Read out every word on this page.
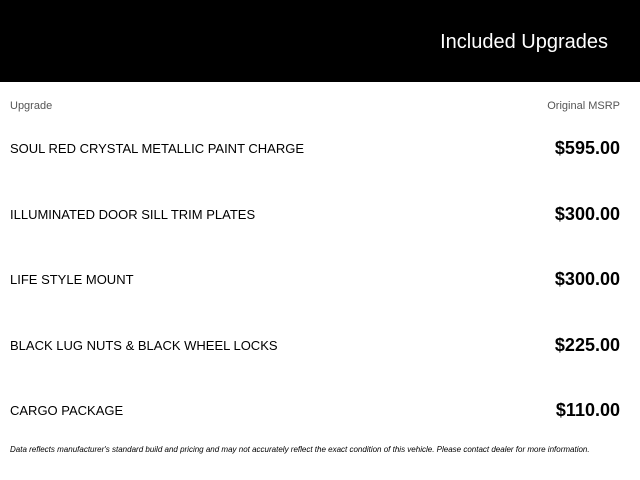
Included Upgrades
Upgrade	Original MSRP
SOUL RED CRYSTAL METALLIC PAINT CHARGE	$595.00
ILLUMINATED DOOR SILL TRIM PLATES	$300.00
LIFE STYLE MOUNT	$300.00
BLACK LUG NUTS & BLACK WHEEL LOCKS	$225.00
CARGO PACKAGE	$110.00
Data reflects manufacturer's standard build and pricing and may not accurately reflect the exact condition of this vehicle. Please contact dealer for more information.
